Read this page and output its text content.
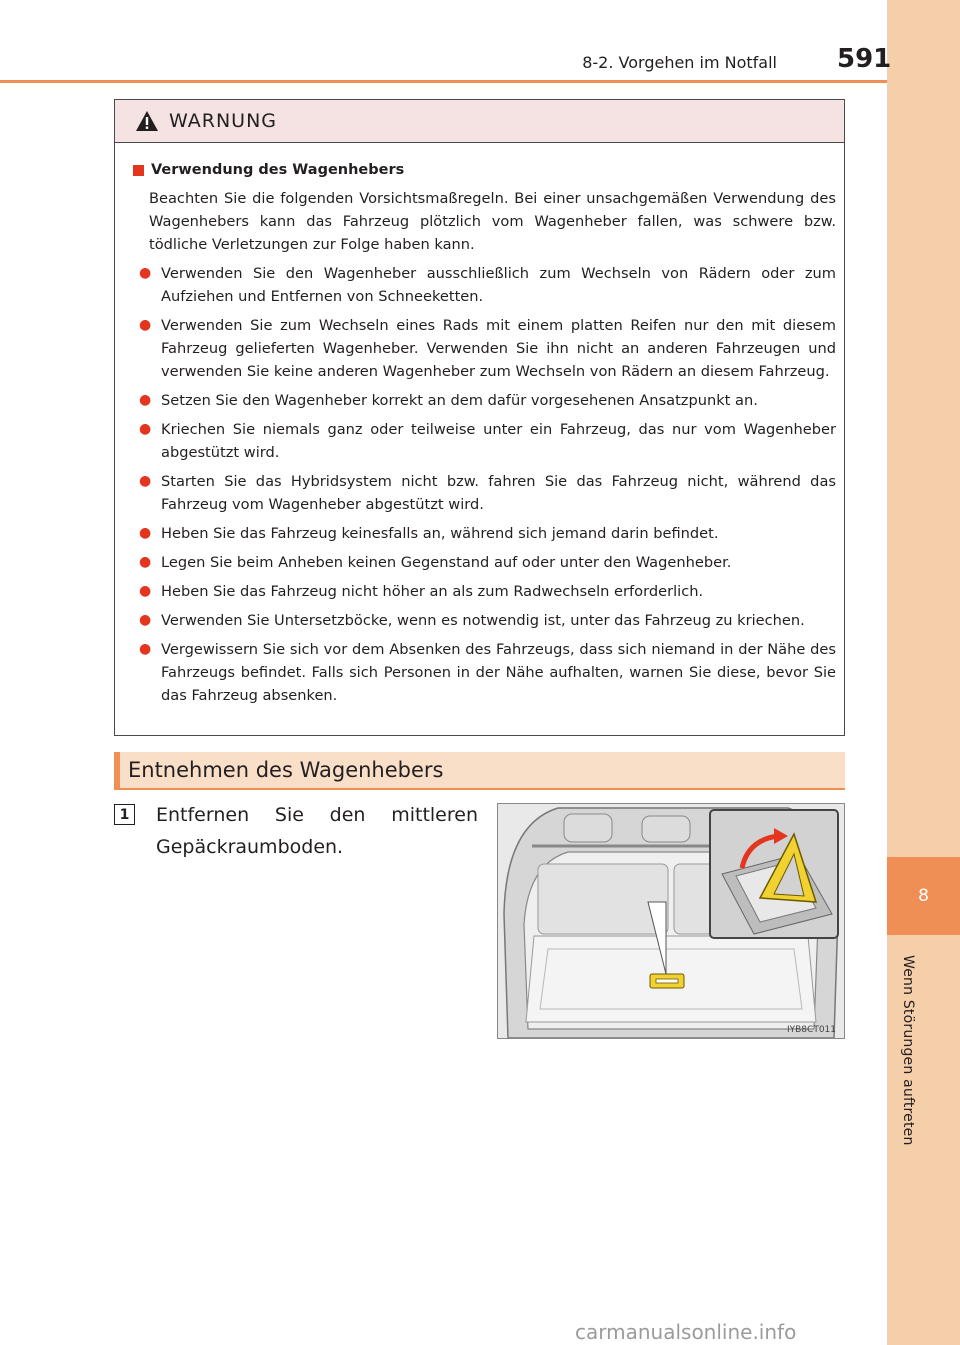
8
Wenn Störungen auftreten
8-2. Vorgehen im Notfall 591
WARNUNG
Verwendung des Wagenhebers
Beachten Sie die folgenden Vorsichtsmaßregeln. Bei einer unsachgemäßen Verwendung des Wagenhebers kann das Fahrzeug plötzlich vom Wagenheber fallen, was schwere bzw. tödliche Verletzungen zur Folge haben kann.
● Verwenden Sie den Wagenheber ausschließlich zum Wechseln von Rädern oder zum Aufziehen und Entfernen von Schneeketten.
● Verwenden Sie zum Wechseln eines Rads mit einem platten Reifen nur den mit diesem Fahrzeug gelieferten Wagenheber. Verwenden Sie ihn nicht an anderen Fahrzeugen und verwenden Sie keine anderen Wagenheber zum Wechseln von Rädern an diesem Fahrzeug.
● Setzen Sie den Wagenheber korrekt an dem dafür vorgesehenen Ansatzpunkt an.
● Kriechen Sie niemals ganz oder teilweise unter ein Fahrzeug, das nur vom Wagenheber abgestützt wird.
● Starten Sie das Hybridsystem nicht bzw. fahren Sie das Fahrzeug nicht, während das Fahrzeug vom Wagenheber abgestützt wird.
● Heben Sie das Fahrzeug keinesfalls an, während sich jemand darin befindet.
● Legen Sie beim Anheben keinen Gegenstand auf oder unter den Wagenheber.
● Heben Sie das Fahrzeug nicht höher an als zum Radwechseln erforderlich.
● Verwenden Sie Untersetzböcke, wenn es notwendig ist, unter das Fahrzeug zu kriechen.
● Vergewissern Sie sich vor dem Absenken des Fahrzeugs, dass sich niemand in der Nähe des Fahrzeugs befindet. Falls sich Personen in der Nähe aufhalten, warnen Sie diese, bevor Sie das Fahrzeug absenken.
Entnehmen des Wagenhebers
1 Entfernen Sie den mittleren Gepäckraumboden.
IYB8CT011
carmanualsonline.info
